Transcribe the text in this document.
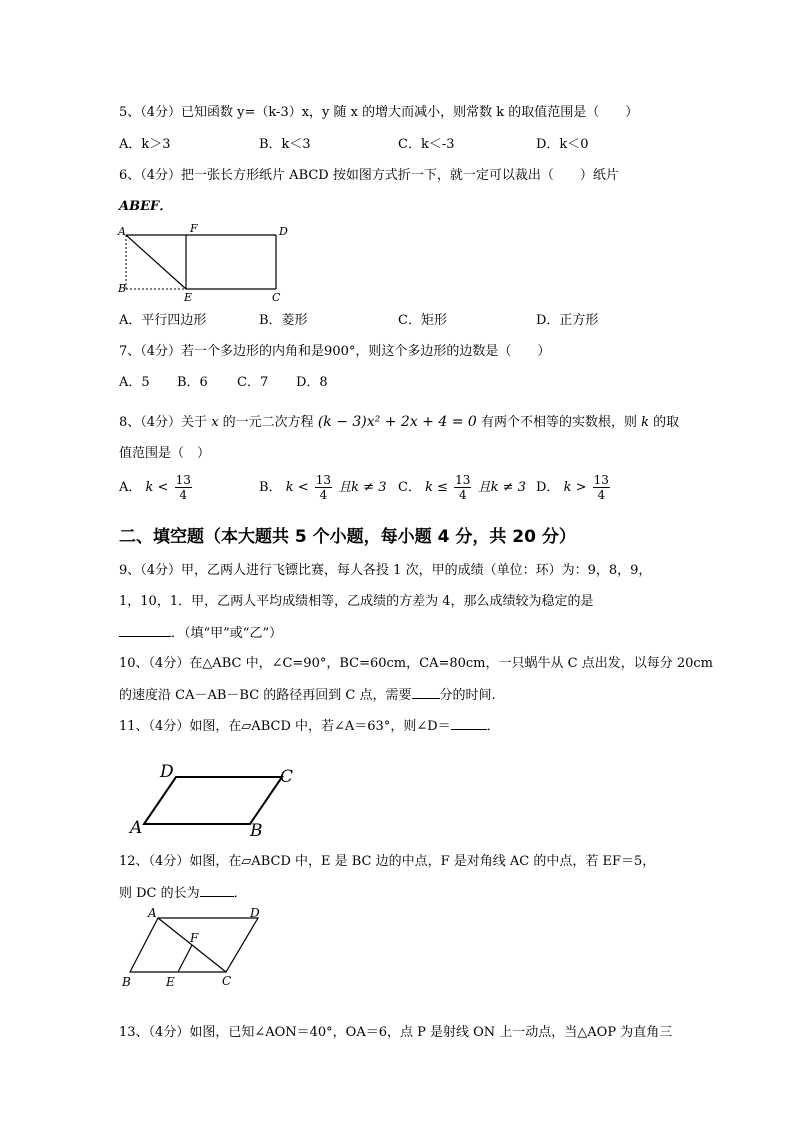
5、（4分）已知函数 y=（k-3）x，y 随 x 的增大而减小，则常数 k 的取值范围是（　　）
A．k＞3	B．k＜3	C．k＜-3	D．k＜0
6、（4分）把一张长方形纸片 ABCD 按如图方式折一下，就一定可以裁出（　　）纸片
ABEF．
A	F	D
B
E	C
A．平行四边形	B．菱形	C．矩形	D．正方形
7、（4分）若一个多边形的内角和是900°，则这个多边形的边数是（　　）
A．5 B．6 C．7 D．8
8、（4分）关于 x 的一元二次方程 (k − 3)x² + 2x + 4 = 0 有两个不相等的实数根，则 k 的取
值范围是（　）
A． $k < \frac{13}{4}$	B． $k < \frac{13}{4}$ 且k ≠ 3 C． $k \le \frac{13}{4}$ 且k ≠ 3 D． $k > \frac{13}{4}$
二、填空题（本大题共 5 个小题，每小题 4 分，共 20 分）
9、（4分）甲，乙两人进行飞镖比赛，每人各投 1 次，甲的成绩（单位：环）为：9，8，9，
1，10，1．甲，乙两人平均成绩相等，乙成绩的方差为 4，那么成绩较为稳定的是
．（填“甲”或“乙”）
10、（4分）在△ABC 中，∠C=90°，BC=60cm，CA=80cm，一只蜗牛从 C 点出发，以每分 20cm
的速度沿 CA－AB－BC 的路径再回到 C 点，需要 分的时间.
11、（4分）如图，在▱ABCD 中，若∠A＝63°，则∠D＝	．
D	C
A	B
12、（4分）如图，在▱ABCD 中，E 是 BC 边的中点，F 是对角线 AC 的中点，若 EF＝5，
则 DC 的长为	．
A	D
F
B	E	C
13、（4分）如图，已知∠AON＝40°，OA＝6，点 P 是射线 ON 上一动点，当△AOP 为直角三
